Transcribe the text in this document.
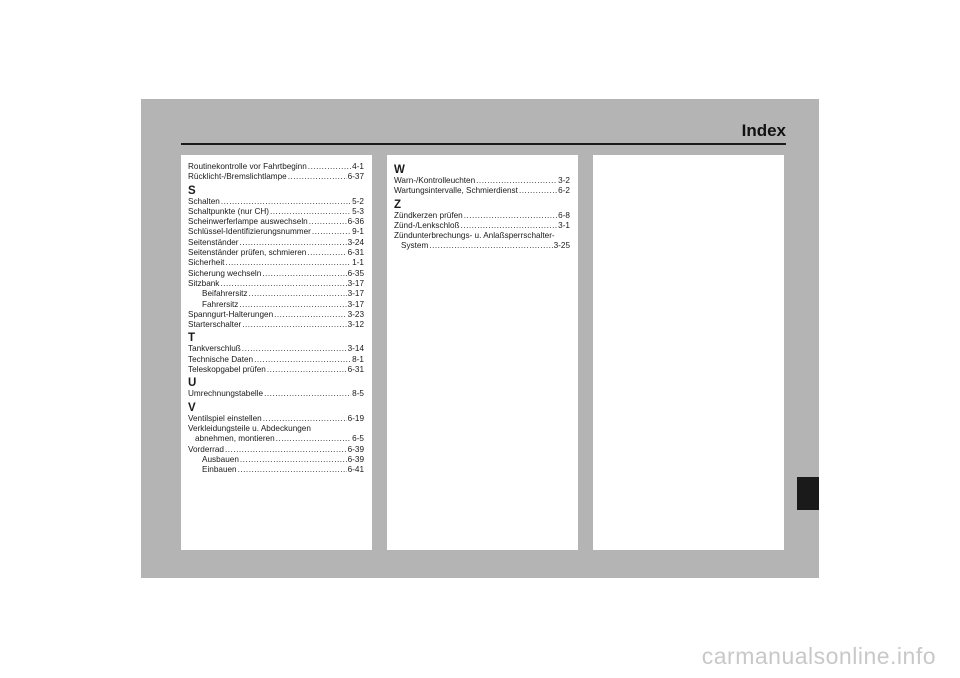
Index
Routinekontrolle vor Fahrtbeginn .....	4-1
Rücklicht-/Bremslichtlampe .....	6-37
S
Schalten .....	5-2
Schaltpunkte (nur CH) .....	5-3
Scheinwerferlampe auswechseln .....	6-36
Schlüssel-Identifizierungsnummer .....	9-1
Seitenständer .....	3-24
Seitenständer prüfen, schmieren .....	6-31
Sicherheit .....	1-1
Sicherung wechseln .....	6-35
Sitzbank .....	3-17
Beifahrersitz .....	3-17
Fahrersitz .....	3-17
Spanngurt-Halterungen .....	3-23
Starterschalter .....	3-12
T
Tankverschluß .....	3-14
Technische Daten .....	8-1
Teleskopgabel prüfen .....	6-31
U
Umrechnungstabelle .....	8-5
V
Ventilspiel einstellen .....	6-19
Verkleidungsteile u. Abdeckungen
abnehmen, montieren .....	6-5
Vorderrad .....	6-39
Ausbauen .....	6-39
Einbauen .....	6-41
W
Warn-/Kontrolleuchten .....	3-2
Wartungsintervalle, Schmierdienst .....	6-2
Z
Zündkerzen prüfen .....	6-8
Zünd-/Lenkschloß .....	3-1
Zündunterbrechungs- u. Anlaßsperrschalter-
System .....	3-25
carmanualsonline.info
